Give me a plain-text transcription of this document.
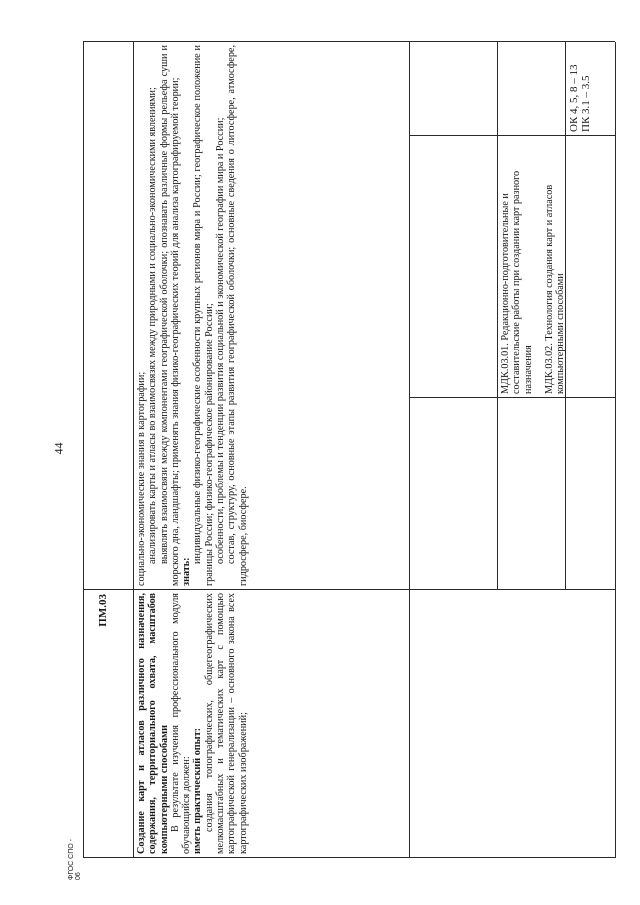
44
ФГОС СПО - 06

социально-экономические знания в картографии; анализировать карты и атласы во взаимосвязях между природными и социально-экономическими явлениями; выявлять взаимосвязи между компонентами географической оболочки; опознавать различные формы рельефа суши и морского дна, ландшафты; применять знания физико-географических теорий для анализа картографируемой теории; знать:

индивидуальные физико-географические особенности крупных регионов мира и России; географическое положение и границы России; физико-географическое районирование России; особенности, проблемы и тенденции развития социальной и экономической географии мира и России; состав, структуру, основные этапы развития географической оболочки; основные сведения о литосфере, атмосфере, гидросфере, биосфере.

ПМ.03	Создание карт и атласов различного назначения, содержания, территориального охвата, масштабов компьютерными способами В результате изучения профессионального модуля обучающийся должен: иметь практический опыт: создания топографических, общегеографических мелкомасштабных и тематических карт с помощью картографической генерализации – основного закона всех картографических изображений;

МДК.03.01. Редакционно-подготовительные и составительские работы при создании карт разного назначения МДК.03.02. Технология создания карт и атласов компьютерными способами

ОК 4, 5, 8 – 13 ПК 3.1 – 3.5
